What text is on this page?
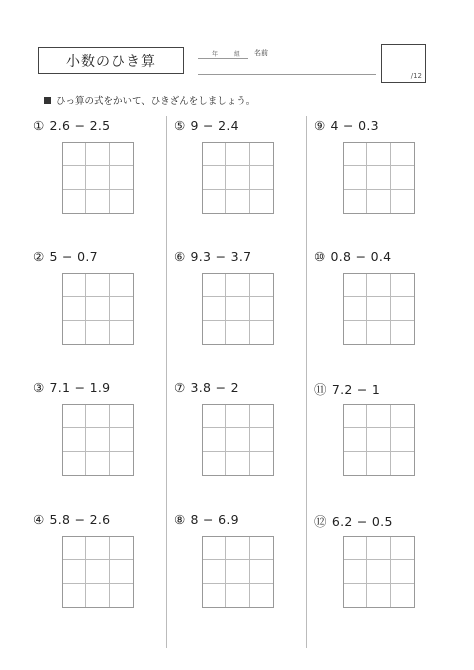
小数のひき算	年	組 名前
/12
ひっ算の式をかいて、ひきざんをしましょう。
① 2.6 − 2.5
② 5 − 0.7
③ 7.1 − 1.9
④ 5.8 − 2.6
⑤ 9 − 2.4
⑥ 9.3 − 3.7
⑦ 3.8 − 2
⑧ 8 − 6.9
⑨ 4 − 0.3
⑩ 0.8 − 0.4
⑪ 7.2 − 1
⑫ 6.2 − 0.5
